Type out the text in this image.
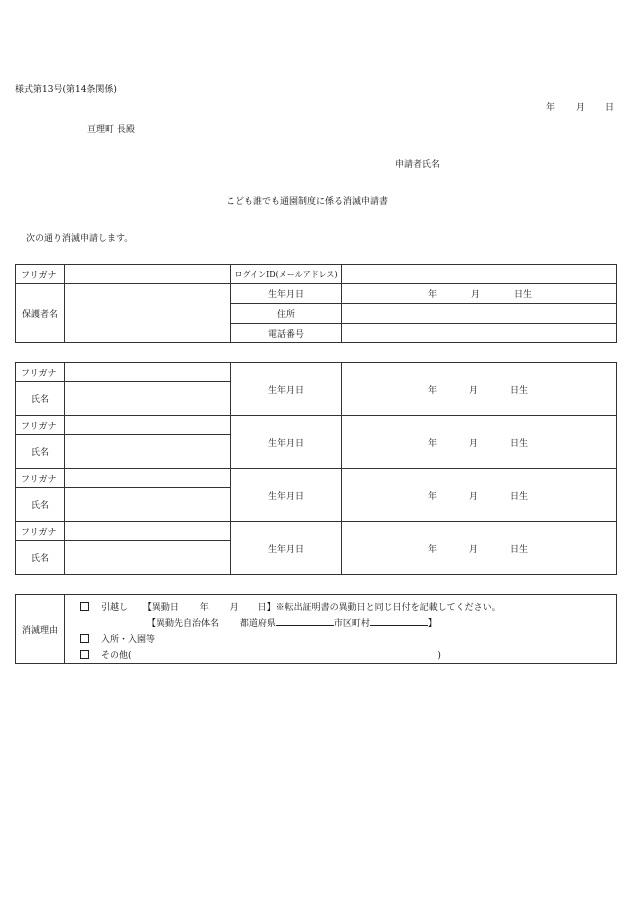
様式第13号(第14条関係)
年 月 日
亘理町 長殿
申請者氏名
こども誰でも通園制度に係る消滅申請書
次の通り消滅申請します。
フリガナ		ログインID(メールアドレス)	
保護者名		生年月日	年 月 日生

		住所	
		電話番号	
フリガナ		生年月日	年 月 日生

氏名			
フリガナ		生年月日	年 月 日生

氏名			
フリガナ		生年月日	年 月 日生

氏名			
フリガナ		生年月日	年 月 日生

氏名			
消滅理由	
引越し 【異動日 年 月 日】※転出証明書の異動日と同じ日付を記載してください。
【異動先自治体名 都道府県	市区町村	】
入所・入園等
その他(	)
